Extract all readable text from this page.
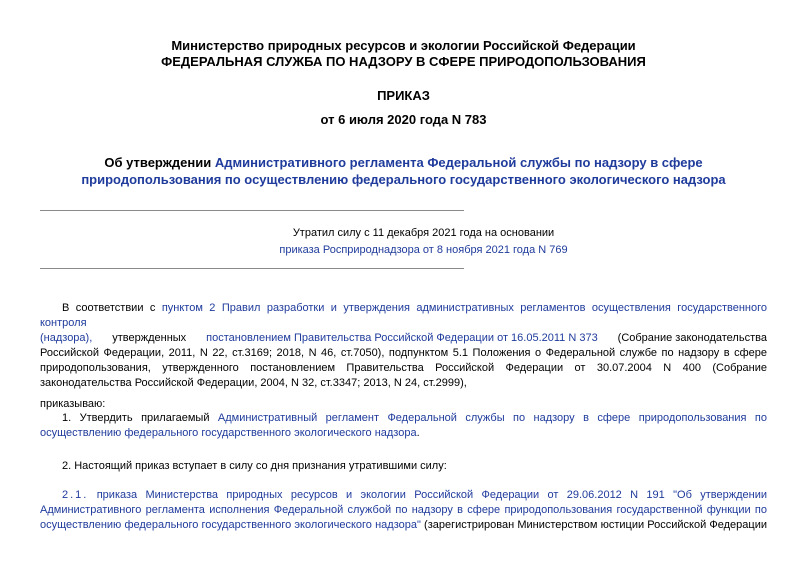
Министерство природных ресурсов и экологии Российской Федерации
ФЕДЕРАЛЬНАЯ СЛУЖБА ПО НАДЗОРУ В СФЕРЕ ПРИРОДОПОЛЬЗОВАНИЯ
ПРИКАЗ
от 6 июля 2020 года N 783
Об утверждении Административного регламента Федеральной службы по надзору в сфере
природопользования по осуществлению федерального государственного экологического надзора
Утратил силу с 11 декабря 2021 года на основании
приказа Росприроднадзора от 8 ноября 2021 года N 769
В соответствии с пунктом 2 Правил разработки и утверждения административных регламентов осуществления государственного контроля
(надзора), утвержденных постановлением Правительства Российской Федерации от 16.05.2011 N 373 (Собрание законодательства
Российской Федерации, 2011, N 22, ст.3169; 2018, N 46, ст.7050), подпунктом 5.1 Положения о Федеральной службе по надзору в сфере
природопользования, утвержденного постановлением Правительства Российской Федерации от 30.07.2004 N 400 (Собрание
законодательства Российской Федерации, 2004, N 32, ст.3347; 2013, N 24, ст.2999),
приказываю:
1. Утвердить прилагаемый Административный регламент Федеральной службы по надзору в сфере природопользования по
осуществлению федерального государственного экологического надзора.
2. Настоящий приказ вступает в силу со дня признания утратившими силу:
2.1. приказа Министерства природных ресурсов и экологии Российской Федерации от 29.06.2012 N 191 "Об утверждении
Административного регламента исполнения Федеральной службой по надзору в сфере природопользования государственной функции по
осуществлению федерального государственного экологического надзора" (зарегистрирован Министерством юстиции Российской Федерации
